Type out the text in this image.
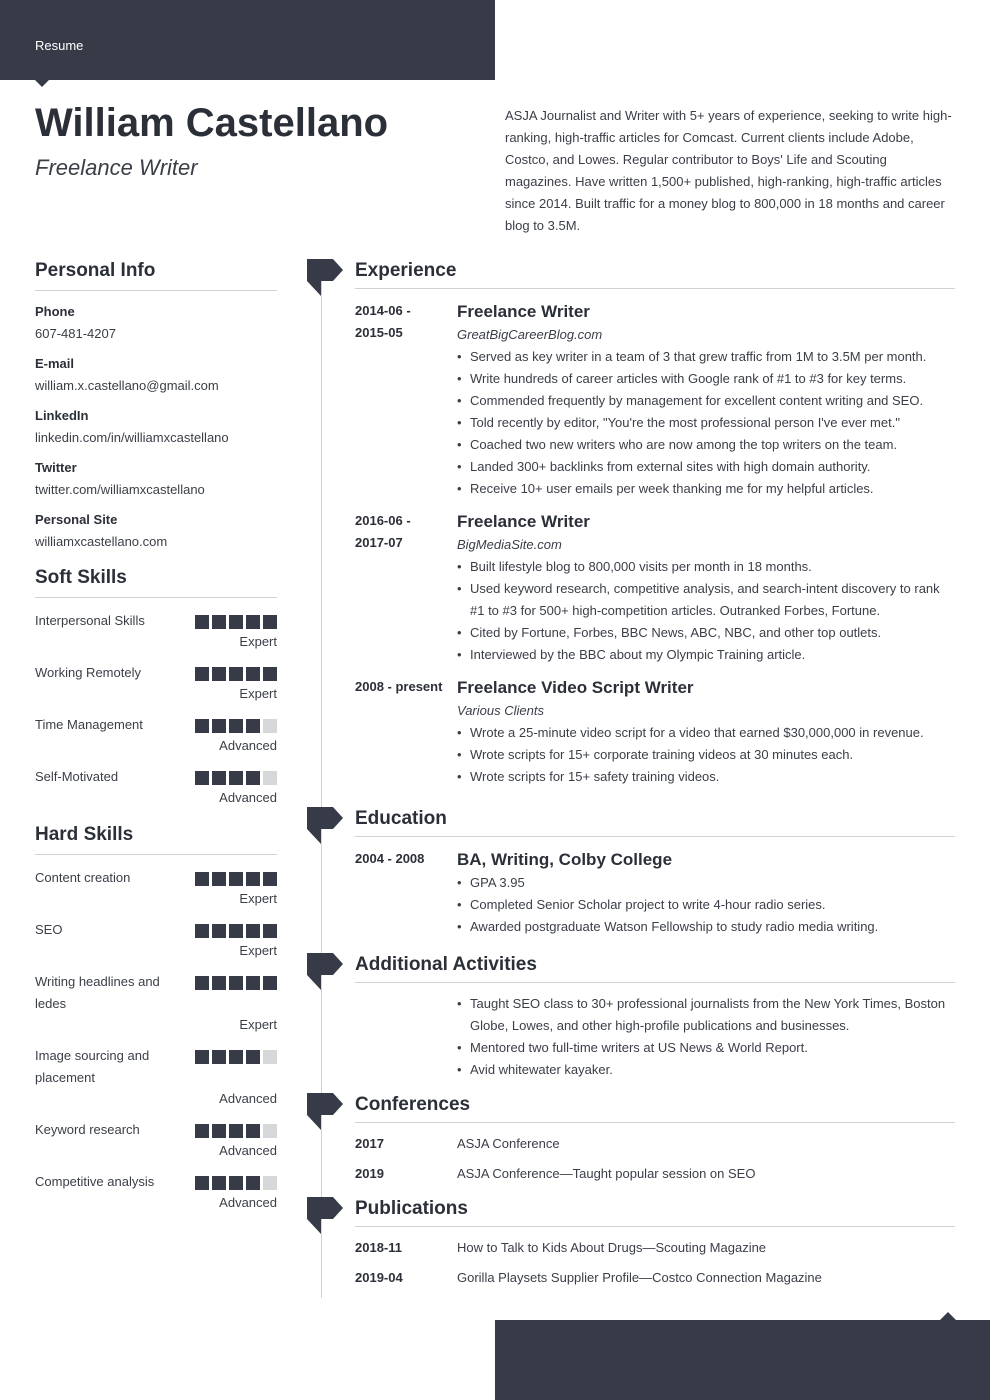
Resume
William Castellano
Freelance Writer
ASJA Journalist and Writer with 5+ years of experience, seeking to write high-ranking, high-traffic articles for Comcast. Current clients include Adobe, Costco, and Lowes. Regular contributor to Boys' Life and Scouting magazines. Have written 1,500+ published, high-ranking, high-traffic articles since 2014. Built traffic for a money blog to 800,000 in 18 months and career blog to 3.5M.
Personal Info
Phone
607-481-4207
E-mail
william.x.castellano@gmail.com
LinkedIn
linkedin.com/in/williamxcastellano
Twitter
twitter.com/williamxcastellano
Personal Site
williamxcastellano.com
Soft Skills
Interpersonal Skills
Expert
Working Remotely
Expert
Time Management
Advanced
Self-Motivated
Advanced
Hard Skills
Content creation
Expert
SEO
Expert
Writing headlines and ledes
Expert
Image sourcing and placement
Advanced
Keyword research
Advanced
Competitive analysis
Advanced
Experience
2014-06 - 2015-05
Freelance Writer
GreatBigCareerBlog.com
• Served as key writer in a team of 3 that grew traffic from 1M to 3.5M per month.
• Write hundreds of career articles with Google rank of #1 to #3 for key terms.
• Commended frequently by management for excellent content writing and SEO.
• Told recently by editor, "You're the most professional person I've ever met."
• Coached two new writers who are now among the top writers on the team.
• Landed 300+ backlinks from external sites with high domain authority.
• Receive 10+ user emails per week thanking me for my helpful articles.
2016-06 - 2017-07
Freelance Writer
BigMediaSite.com
• Built lifestyle blog to 800,000 visits per month in 18 months.
• Used keyword research, competitive analysis, and search-intent discovery to rank #1 to #3 for 500+ high-competition articles. Outranked Forbes, Fortune.
• Cited by Fortune, Forbes, BBC News, ABC, NBC, and other top outlets.
• Interviewed by the BBC about my Olympic Training article.
2008 - present Freelance Video Script Writer
Various Clients
• Wrote a 25-minute video script for a video that earned $30,000,000 in revenue.
• Wrote scripts for 15+ corporate training videos at 30 minutes each.
• Wrote scripts for 15+ safety training videos.
Education
2004 - 2008	BA, Writing, Colby College
• GPA 3.95
• Completed Senior Scholar project to write 4-hour radio series.
• Awarded postgraduate Watson Fellowship to study radio media writing.
Additional Activities
• Taught SEO class to 30+ professional journalists from the New York Times, Boston Globe, Lowes, and other high-profile publications and businesses.
• Mentored two full-time writers at US News & World Report.
• Avid whitewater kayaker.
Conferences
2017	ASJA Conference
2019	ASJA Conference—Taught popular session on SEO
Publications
2018-11	How to Talk to Kids About Drugs—Scouting Magazine
2019-04	Gorilla Playsets Supplier Profile—Costco Connection Magazine
